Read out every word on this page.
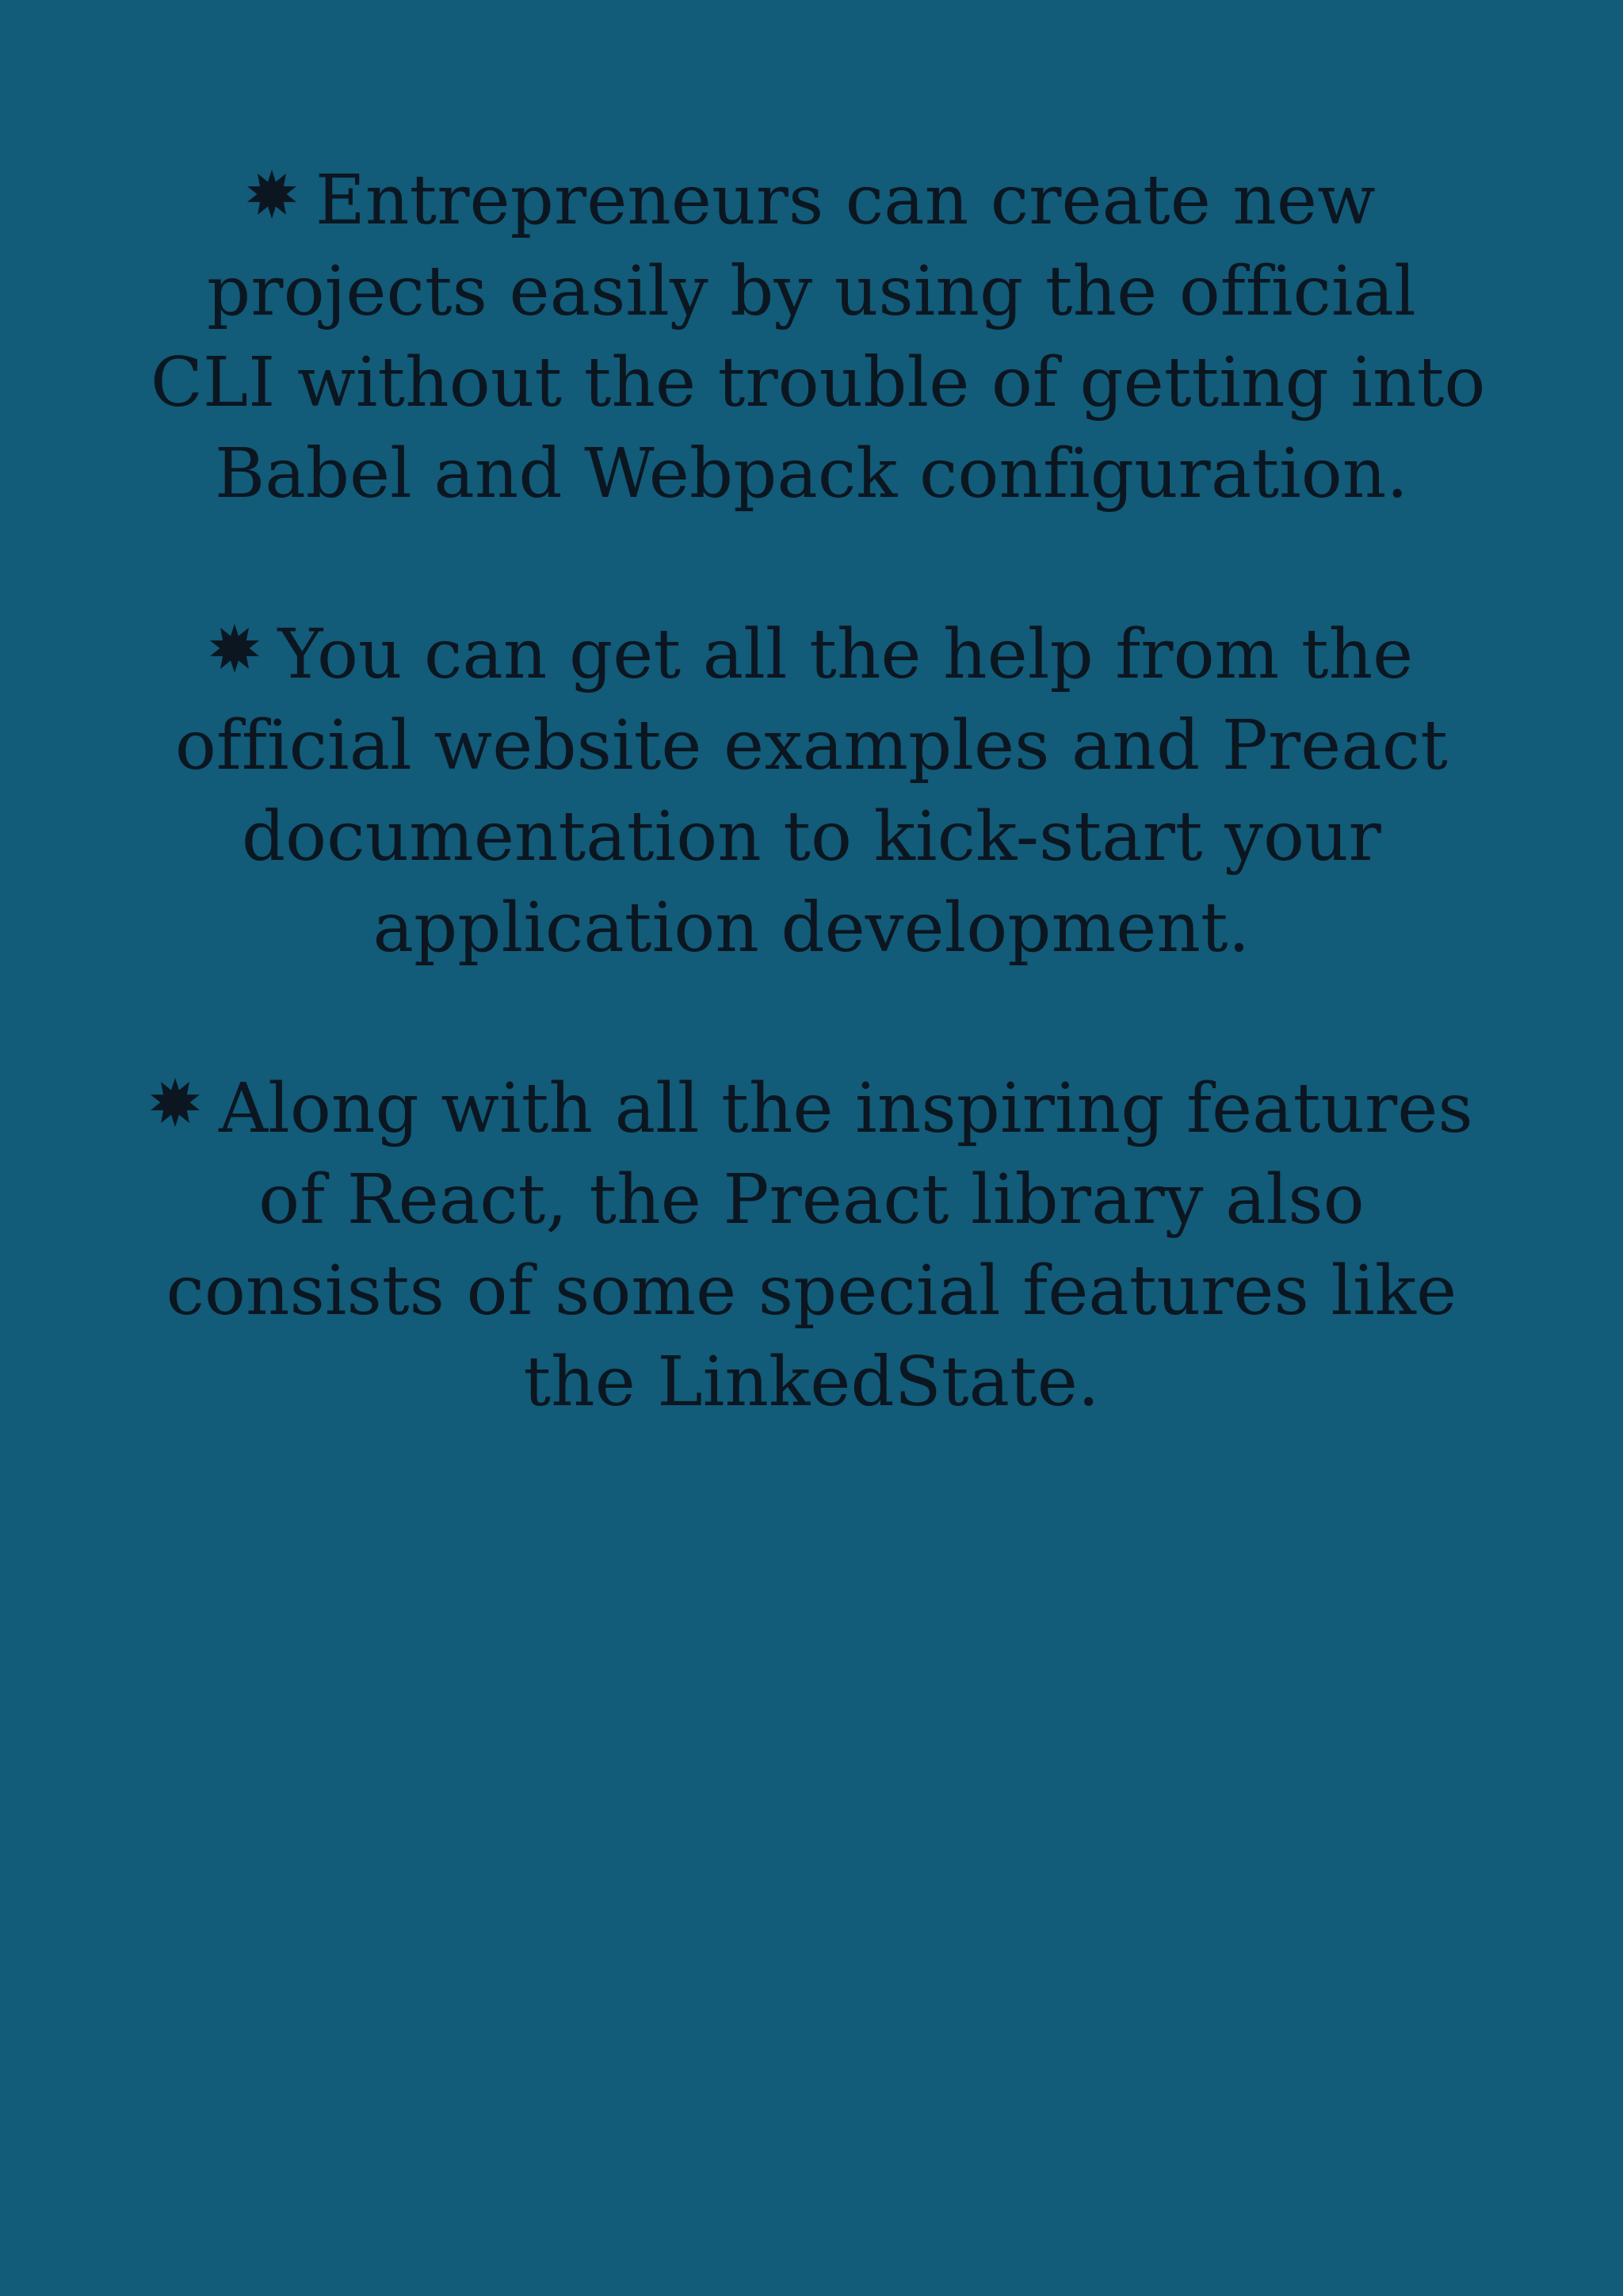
Entrepreneurs can create new
projects easily by using the official
CLI without the trouble of getting into
Babel and Webpack configuration.
You can get all the help from the
official website examples and Preact
documentation to kick-start your
application development.
Along with all the inspiring features
of React, the Preact library also
consists of some special features like
the LinkedState.
